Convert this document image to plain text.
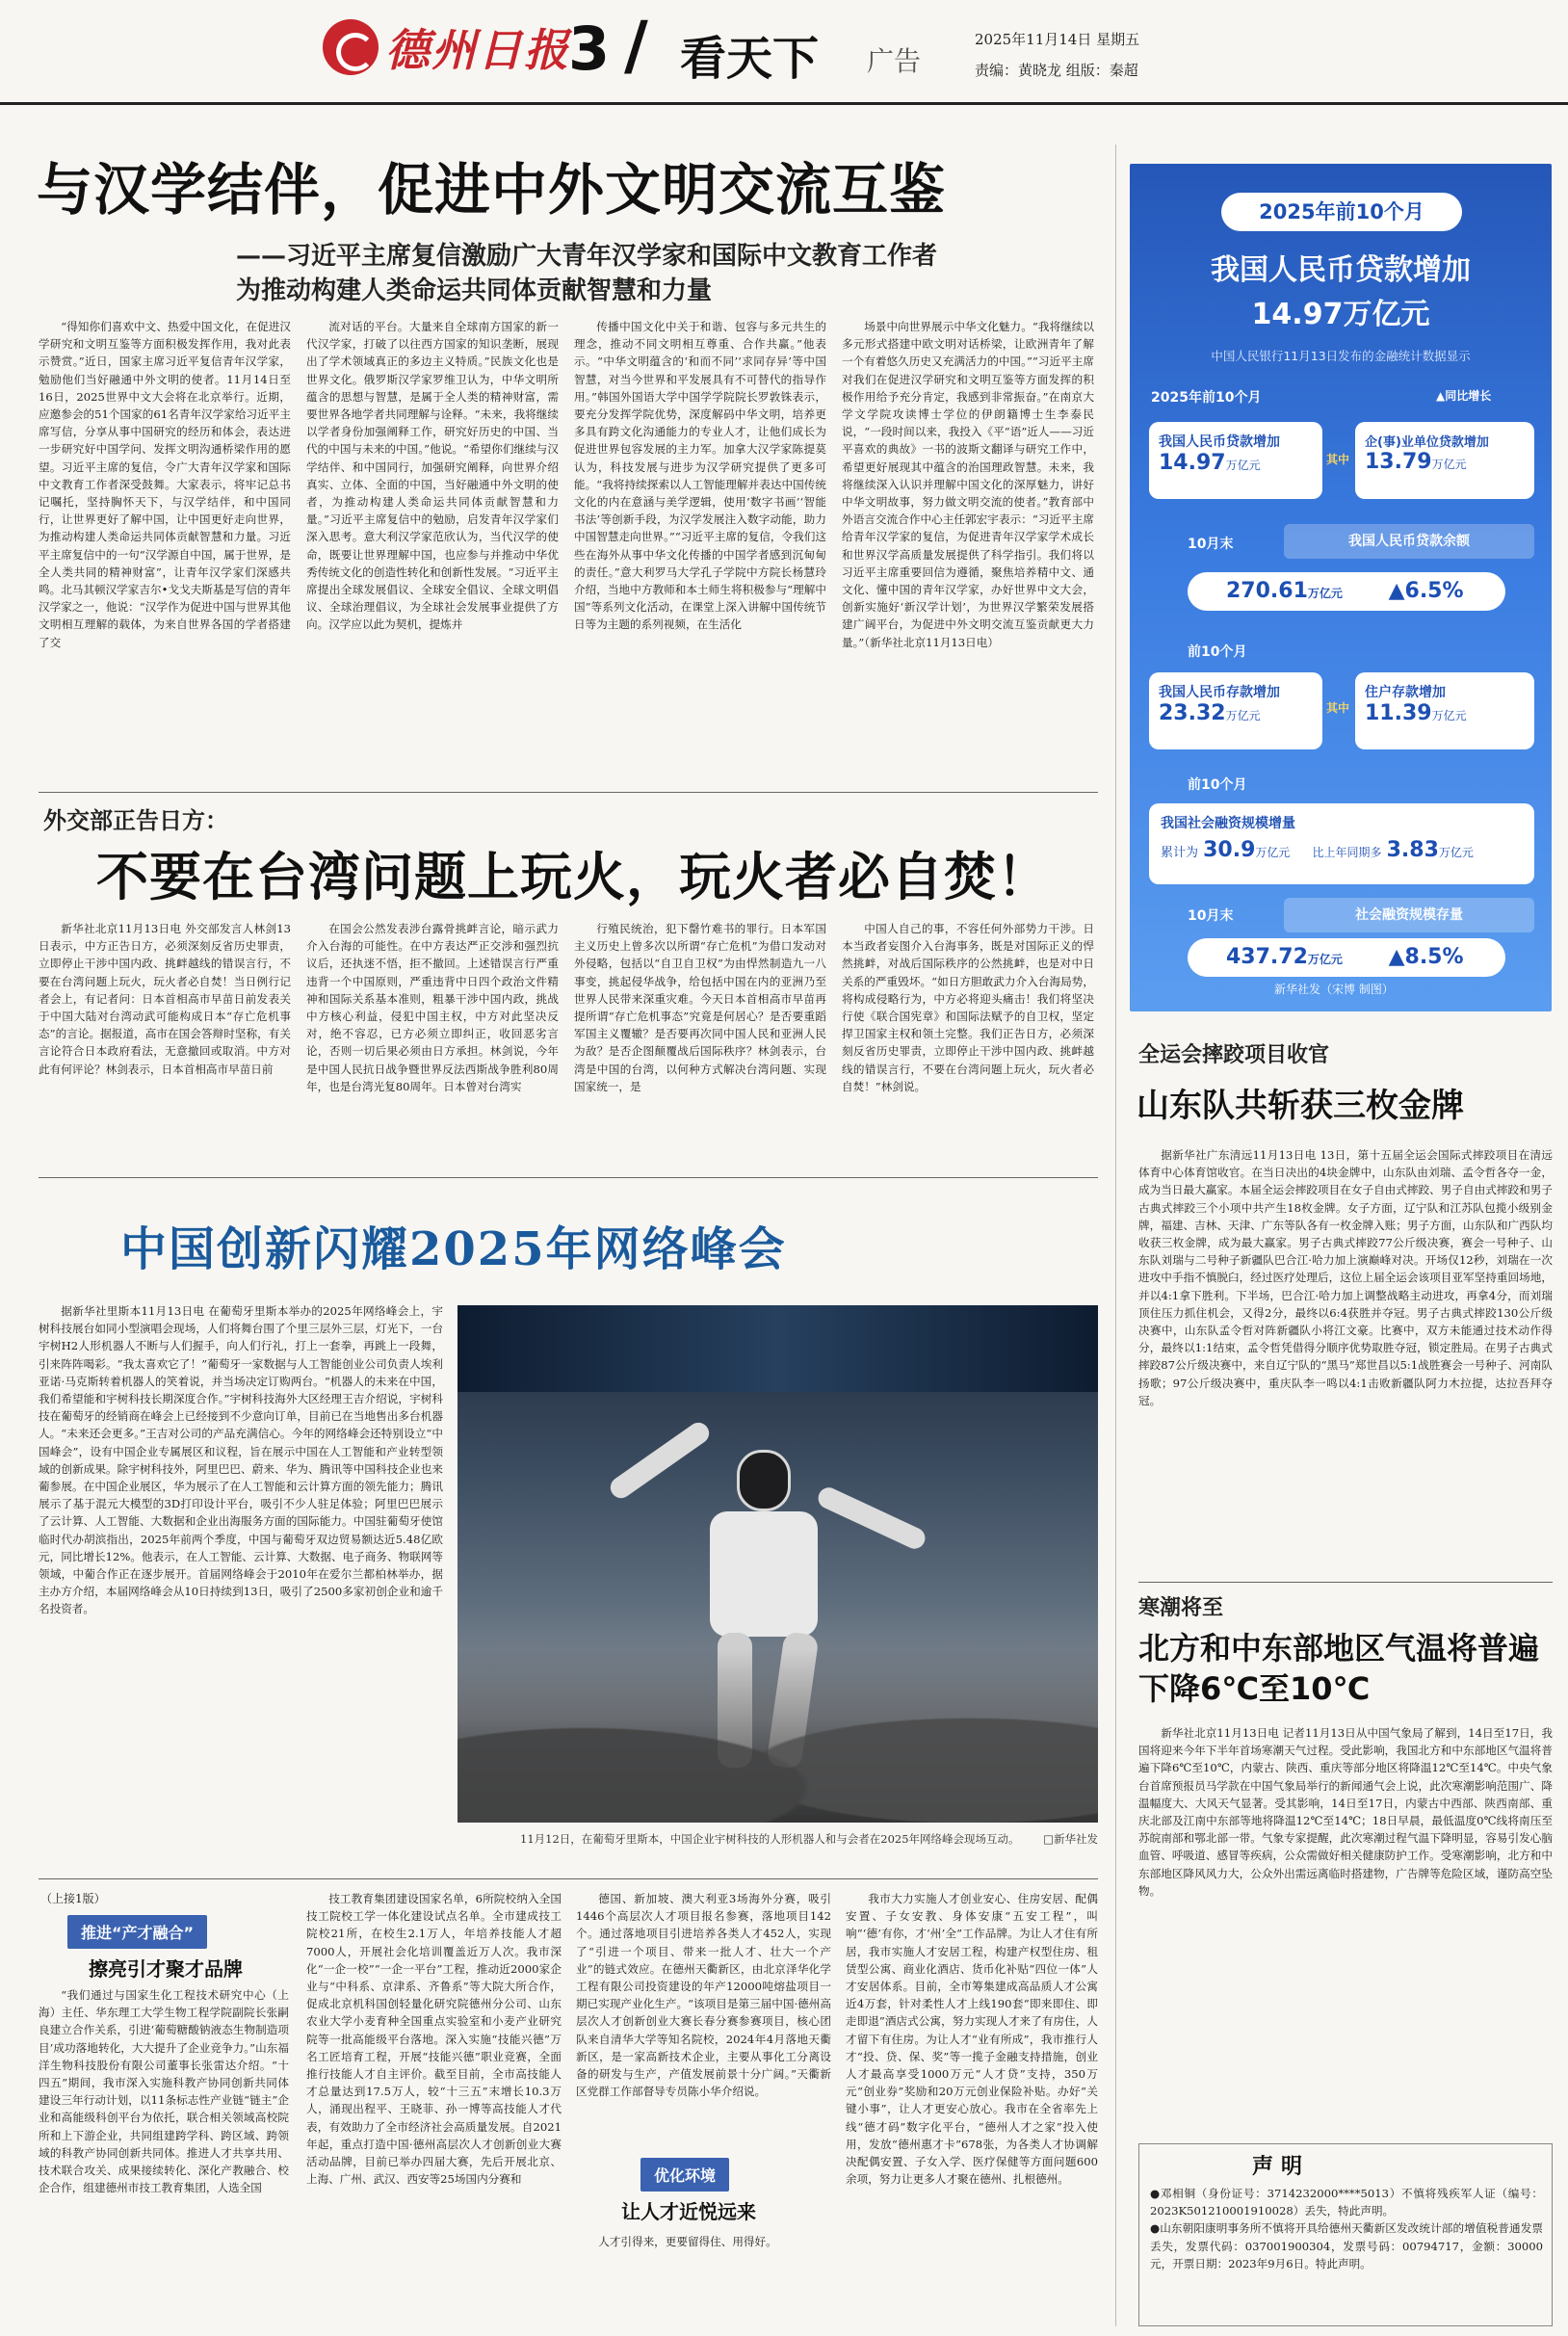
德州日报
3 / 看天下 广告
2025年11月14日 星期五
责编：黄晓龙 组版：秦超
与汉学结伴，促进中外文明交流互鉴
——习近平主席复信激励广大青年汉学家和国际中文教育工作者
为推动构建人类命运共同体贡献智慧和力量

“得知你们喜欢中文、热爱中国文化，在促进汉学研究和文明互鉴等方面积极发挥作用，我对此表示赞赏。”近日，国家主席习近平复信青年汉学家，勉励他们当好融通中外文明的使者。11月14日至16日，2025世界中文大会将在北京举行。近期，应邀参会的51个国家的61名青年汉学家给习近平主席写信，分享从事中国研究的经历和体会，表达进一步研究好中国学问、发挥文明沟通桥梁作用的愿望。习近平主席的复信，令广大青年汉学家和国际中文教育工作者深受鼓舞。大家表示，将牢记总书记嘱托，坚持胸怀天下，与汉学结伴，和中国同行，让世界更好了解中国，让中国更好走向世界，为推动构建人类命运共同体贡献智慧和力量。习近平主席复信中的一句“汉学源自中国，属于世界，是全人类共同的精神财富”，让青年汉学家们深感共鸣。北马其顿汉学家吉尔•戈戈夫斯基是写信的青年汉学家之一，他说：“汉学作为促进中国与世界其他文明相互理解的载体，为来自世界各国的学者搭建了交

流对话的平台。大量来自全球南方国家的新一代汉学家，打破了以往西方国家的知识垄断，展现出了学术领域真正的多边主义特质。”民族文化也是世界文化。俄罗斯汉学家罗维卫认为，中华文明所蕴含的思想与智慧，是属于全人类的精神财富，需要世界各地学者共同理解与诠释。“未来，我将继续以学者身份加强阐释工作，研究好历史的中国、当代的中国与未来的中国。”他说。“希望你们继续与汉学结伴、和中国同行，加强研究阐释，向世界介绍真实、立体、全面的中国，当好融通中外文明的使者，为推动构建人类命运共同体贡献智慧和力量。”习近平主席复信中的勉励，启发青年汉学家们深入思考。意大利汉学家范欣认为，当代汉学的使命，既要让世界理解中国，也应参与并推动中华优秀传统文化的创造性转化和创新性发展。“习近平主席提出全球发展倡议、全球安全倡议、全球文明倡议、全球治理倡议，为全球社会发展事业提供了方向。汉学应以此为契机，提炼并

传播中国文化中关于和谐、包容与多元共生的理念，推动不同文明相互尊重、合作共赢。”他表示。“中华文明蕴含的‘和而不同’‘求同存异’等中国智慧，对当今世界和平发展具有不可替代的指导作用。”韩国外国语大学中国学学院院长罗敦铢表示，要充分发挥学院优势，深度解码中华文明，培养更多具有跨文化沟通能力的专业人才，让他们成长为促进世界包容发展的主力军。加拿大汉学家陈提莫认为，科技发展与进步为汉学研究提供了更多可能。“我将持续探索以人工智能理解并表达中国传统文化的内在意涵与美学逻辑，使用‘数字书画’‘智能书法’等创新手段，为汉学发展注入数字动能，助力中国智慧走向世界。”“习近平主席的复信，令我们这些在海外从事中华文化传播的中国学者感到沉甸甸的责任。”意大利罗马大学孔子学院中方院长杨慧玲介绍，当地中方教师和本土师生将积极参与“理解中国”等系列文化活动，在课堂上深入讲解中国传统节日等为主题的系列视频，在生活化

场景中向世界展示中华文化魅力。“我将继续以多元形式搭建中欧文明对话桥梁，让欧洲青年了解一个有着悠久历史又充满活力的中国。”“习近平主席对我们在促进汉学研究和文明互鉴等方面发挥的积极作用给予充分肯定，我感到非常振奋。”在南京大学文学院攻读博士学位的伊朗籍博士生李泰民说，“一段时间以来，我投入《平“语”近人——习近平喜欢的典故》一书的波斯文翻译与研究工作中，希望更好展现其中蕴含的治国理政智慧。未来，我将继续深入认识并理解中国文化的深厚魅力，讲好中华文明故事，努力做文明交流的使者。”教育部中外语言交流合作中心主任郭宏宇表示：“习近平主席给青年汉学家的复信，为促进青年汉学家学术成长和世界汉学高质量发展提供了科学指引。我们将以习近平主席重要回信为遵循，聚焦培养精中文、通文化、懂中国的青年汉学家，办好世界中文大会，创新实施好‘新汉学计划’，为世界汉学繁荣发展搭建广阔平台，为促进中外文明交流互鉴贡献更大力量。”（新华社北京11月13日电）

外交部正告日方：
不要在台湾问题上玩火，玩火者必自焚！

新华社北京11月13日电 外交部发言人林剑13日表示，中方正告日方，必须深刻反省历史罪责，立即停止干涉中国内政、挑衅越线的错误言行，不要在台湾问题上玩火，玩火者必自焚！当日例行记者会上，有记者问：日本首相高市早苗日前发表关于中国大陆对台湾动武可能构成日本“存亡危机事态”的言论。据报道，高市在国会答辩时坚称，有关言论符合日本政府看法，无意撤回或取消。中方对此有何评论？林剑表示，日本首相高市早苗日前

在国会公然发表涉台露骨挑衅言论，暗示武力介入台海的可能性。在中方表达严正交涉和强烈抗议后，还执迷不悟，拒不撤回。上述错误言行严重违背一个中国原则，严重违背中日四个政治文件精神和国际关系基本准则，粗暴干涉中国内政，挑战中方核心利益，侵犯中国主权，中方对此坚决反对，绝不容忍，已方必须立即纠正，收回恶劣言论，否则一切后果必须由日方承担。林剑说，今年是中国人民抗日战争暨世界反法西斯战争胜利80周年，也是台湾光复80周年。日本曾对台湾实

行殖民统治，犯下罄竹难书的罪行。日本军国主义历史上曾多次以所谓“存亡危机”为借口发动对外侵略，包括以“自卫自卫权”为由悍然制造九一八事变，挑起侵华战争，给包括中国在内的亚洲乃至世界人民带来深重灾难。今天日本首相高市早苗再提所谓“存亡危机事态”究竟是何居心？是否要重蹈军国主义覆辙？是否要再次同中国人民和亚洲人民为敌？是否企图颠覆战后国际秩序？林剑表示，台湾是中国的台湾，以何种方式解决台湾问题、实现国家统一，是

中国人自己的事，不容任何外部势力干涉。日本当政者妄图介入台海事务，既是对国际正义的悍然挑衅，对战后国际秩序的公然挑衅，也是对中日关系的严重毁坏。“如日方胆敢武力介入台海局势，将构成侵略行为，中方必将迎头痛击！我们将坚决行使《联合国宪章》和国际法赋予的自卫权，坚定捍卫国家主权和领土完整。我们正告日方，必须深刻反省历史罪责，立即停止干涉中国内政、挑衅越线的错误言行，不要在台湾问题上玩火，玩火者必自焚！”林剑说。

中国创新闪耀2025年网络峰会

据新华社里斯本11月13日电 在葡萄牙里斯本举办的2025年网络峰会上，宇树科技展台如同小型演唱会现场，人们将舞台围了个里三层外三层，灯光下，一台宇树H2人形机器人不断与人们握手，向人们行礼，打上一套拳，再跳上一段舞，引来阵阵喝彩。“我太喜欢它了！”葡萄牙一家数据与人工智能创业公司负责人埃利亚诺·马克斯转着机器人的笑着说，并当场决定订购两台。“机器人的未来在中国，我们希望能和宇树科技长期深度合作。”宇树科技海外大区经理王吉介绍说，宇树科技在葡萄牙的经销商在峰会上已经接到不少意向订单，目前已在当地售出多台机器人。“未来还会更多。”王吉对公司的产品充满信心。今年的网络峰会还特别设立“中国峰会”，设有中国企业专属展区和议程，旨在展示中国在人工智能和产业转型领域的创新成果。除宇树科技外，阿里巴巴、蔚来、华为、腾讯等中国科技企业也来葡参展。在中国企业展区，华为展示了在人工智能和云计算方面的领先能力；腾讯展示了基于混元大模型的3D打印设计平台，吸引不少人驻足体验；阿里巴巴展示了云计算、人工智能、大数据和企业出海服务方面的国际能力。中国驻葡萄牙使馆临时代办胡滨指出，2025年前两个季度，中国与葡萄牙双边贸易额达近5.48亿欧元，同比增长12%。他表示，在人工智能、云计算、大数据、电子商务、物联网等领域，中葡合作正在逐步展开。首届网络峰会于2010年在爱尔兰都柏林举办，据主办方介绍，本届网络峰会从10日持续到13日，吸引了2500多家初创企业和逾千名投资者。

11月12日，在葡萄牙里斯本，中国企业宇树科技的人形机器人和与会者在2025年网络峰会现场互动。 □新华社发
（上接1版）
推进“产才融合”
擦亮引才聚才品牌

“我们通过与国家生化工程技术研究中心（上海）主任、华东理工大学生物工程学院副院长张嗣良建立合作关系，引进‘葡萄糖酸钠液态生物制造项目’成功落地转化，大大提升了企业竞争力。”山东福洋生物科技股份有限公司董事长张雷达介绍。“十四五”期间，我市深入实施科教产协同创新共同体建设三年行动计划，以11条标志性产业链“链主”企业和高能级科创平台为依托，联合相关领域高校院所和上下游企业，共同组建跨学科、跨区域、跨领域的科教产协同创新共同体。推进人才共享共用、技术联合攻关、成果接续转化、深化产教融合、校企合作，组建德州市技工教育集团，人选全国

技工教育集团建设国家名单，6所院校纳入全国技工院校工学一体化建设试点名单。全市建成技工院校21所，在校生2.1万人，年培养技能人才超7000人，开展社会化培训覆盖近万人次。我市深化“一企一校”“一企一平台”工程，推动近2000家企业与“中科系、京津系、齐鲁系”等大院大所合作，促成北京机科国创轻量化研究院德州分公司、山东农业大学小麦育种全国重点实验室和小麦产业研究院等一批高能级平台落地。深入实施“技能兴德”万名工匠培育工程，开展“技能兴德”职业竞赛，全面推行技能人才自主评价。截至目前，全市高技能人才总量达到17.5万人，较“十三五”末增长10.3万人，涌现出程平、王晓菲、孙一博等高技能人才代表，有效助力了全市经济社会高质量发展。自2021年起，重点打造中国·德州高层次人才创新创业大赛活动品牌，目前已举办四届大赛，先后开展北京、上海、广州、武汉、西安等25场国内分赛和

德国、新加坡、澳大利亚3场海外分赛，吸引1446个高层次人才项目报名参赛，落地项目142个。通过落地项目引进培养各类人才452人，实现了“引进一个项目、带来一批人才、壮大一个产业”的链式效应。在德州天衢新区，由北京泽华化学工程有限公司投资建设的年产12000吨熔盐项目一期已实现产业化生产。“该项目是第三届中国·德州高层次人才创新创业大赛长春分赛参赛项目，核心团队来自清华大学等知名院校，2024年4月落地天衢新区，是一家高新技术企业，主要从事化工分离设备的研发与生产，产值发展前景十分广阔。”天衢新区党群工作部督导专员陈小华介绍说。

优化环境
让人才近悦远来

人才引得来，更要留得住、用得好。

我市大力实施人才创业安心、住房安居、配偶安置、子女安教、身体安康“五安工程”，叫响“‘德’有你，才‘州’全”工作品牌。为让人才住有所居，我市实施人才安居工程，构建产权型住房、租赁型公寓、商业化酒店、货币化补贴“四位一体”人才安居体系。目前，全市筹集建成高品质人才公寓近4万套，针对柔性人才上线190套“即来即住、即走即退”酒店式公寓，努力实现人才来了有房住，人才留下有住房。为让人才“业有所成”，我市推行人才“投、贷、保、奖”等一揽子金融支持措施，创业人才最高享受1000万元“人才贷”支持，350万元“创业券”奖励和20万元创业保险补贴。办好“关键小事”，让人才更安心放心。我市在全省率先上线“德才码”数字化平台，“德州人才之家”投入使用，发放“德州惠才卡”678张，为各类人才协调解决配偶安置、子女入学、医疗保健等方面问题600余项，努力让更多人才聚在德州、扎根德州。

2025年前10个月
我国人民币贷款增加
14.97万亿元
中国人民银行11月13日发布的金融统计数据显示
2025年前10个月	▲同比增长
我国人民币贷款增加
14.97万亿元	其中
企(事)业单位贷款增加
13.79万亿元
10月末	我国人民币贷款余额
270.61万亿元 ▲6.5%
前10个月
我国人民币存款增加
23.32万亿元
其中
住户存款增加
11.39万亿元
前10个月
我国社会融资规模增量
累计为 30.9万亿元 比上年同期多 3.83万亿元
10月末	社会融资规模存量
437.72万亿元 ▲8.5%
新华社发（宋博 制图）
全运会摔跤项目收官
山东队共斩获三枚金牌

据新华社广东清远11月13日电 13日，第十五届全运会国际式摔跤项目在清远体育中心体育馆收官。在当日决出的4块金牌中，山东队由刘瑞、孟令哲各夺一金，成为当日最大赢家。本届全运会摔跤项目在女子自由式摔跤、男子自由式摔跤和男子古典式摔跤三个小项中共产生18枚金牌。女子方面，辽宁队和江苏队包揽小级别金牌，福建、吉林、天津、广东等队各有一枚金牌入账；男子方面，山东队和广西队均收获三枚金牌，成为最大赢家。男子古典式摔跤77公斤级决赛，赛会一号种子、山东队刘瑞与二号种子新疆队巴合江·哈力加上演巅峰对决。开场仅12秒，刘瑞在一次进攻中手指不慎脱臼，经过医疗处理后，这位上届全运会该项目亚军坚持重回场地，并以4:1拿下胜利。下半场，巴合江·哈力加上调整战略主动进攻，再拿4分，而刘瑞顶住压力抓住机会，又得2分，最终以6:4获胜并夺冠。男子古典式摔跤130公斤级决赛中，山东队孟令哲对阵新疆队小将江文豪。比赛中，双方未能通过技术动作得分，最终以1:1结束，孟令哲凭借得分顺序优势取胜夺冠，锁定胜局。在男子古典式摔跤87公斤级决赛中，来自辽宁队的“黑马”郑世昌以5:1战胜赛会一号种子、河南队扬歌；97公斤级决赛中，重庆队李一鸣以4:1击败新疆队阿力木拉提，达拉吾拜夺冠。

寒潮将至
北方和中东部地区气温将普遍下降6℃至10℃

新华社北京11月13日电 记者11月13日从中国气象局了解到，14日至17日，我国将迎来今年下半年首场寒潮天气过程。受此影响，我国北方和中东部地区气温将普遍下降6℃至10℃，内蒙古、陕西、重庆等部分地区将降温12℃至14℃。中央气象台首席预报员马学款在中国气象局举行的新闻通气会上说，此次寒潮影响范围广、降温幅度大、大风天气显著。受其影响，14日至17日，内蒙古中西部、陕西南部、重庆北部及江南中东部等地将降温12℃至14℃；18日早晨，最低温度0℃线将南压至苏皖南部和鄂北部一带。气象专家提醒，此次寒潮过程气温下降明显，容易引发心脑血管、呼吸道、感冒等疾病，公众需做好相关健康防护工作。受寒潮影响，北方和中东部地区降风风力大，公众外出需远离临时搭建物，广告牌等危险区域，谨防高空坠物。

声明
●邓相铜（身份证号：3714232000****5013）不慎将残疾军人证（编号：2023K501210001910028）丢失，特此声明。
●山东朝阳康明事务所不慎将开具给德州天衢新区发改统计部的增值税普通发票丢失，发票代码：037001900304，发票号码：00794717，金额：30000元，开票日期：2023年9月6日。特此声明。
